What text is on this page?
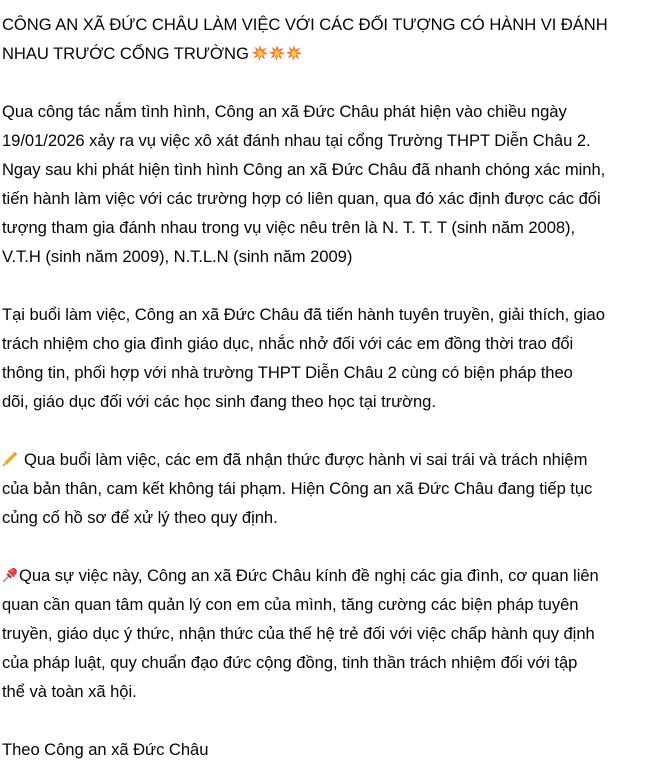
CÔNG AN XÃ ĐỨC CHÂU LÀM VIỆC VỚI CÁC ĐỐI TƯỢNG CÓ HÀNH VI ĐÁNH
NHAU TRƯỚC CỔNG TRƯỜNG
Qua công tác nắm tình hình, Công an xã Đức Châu phát hiện vào chiều ngày
19/01/2026 xảy ra vụ việc xô xát đánh nhau tại cổng Trường THPT Diễn Châu 2.
Ngay sau khi phát hiện tình hình Công an xã Đức Châu đã nhanh chóng xác minh,
tiến hành làm việc với các trường hợp có liên quan, qua đó xác định được các đối
tượng tham gia đánh nhau trong vụ việc nêu trên là N. T. T. T (sinh năm 2008),
V.T.H (sinh năm 2009), N.T.L.N (sinh năm 2009)
Tại buổi làm việc, Công an xã Đức Châu đã tiến hành tuyên truyền, giải thích, giao
trách nhiệm cho gia đình giáo dục, nhắc nhở đối với các em đồng thời trao đổi
thông tin, phối hợp với nhà trường THPT Diễn Châu 2 cùng có biện pháp theo
dõi, giáo dục đối với các học sinh đang theo học tại trường.
Qua buổi làm việc, các em đã nhận thức được hành vi sai trái và trách nhiệm
của bản thân, cam kết không tái phạm. Hiện Công an xã Đức Châu đang tiếp tục
củng cố hồ sơ để xử lý theo quy định.
Qua sự việc này, Công an xã Đức Châu kính đề nghị các gia đình, cơ quan liên
quan cần quan tâm quản lý con em của mình, tăng cường các biện pháp tuyên
truyền, giáo dục ý thức, nhận thức của thế hệ trẻ đối với việc chấp hành quy định
của pháp luật, quy chuẩn đạo đức cộng đồng, tinh thần trách nhiệm đối với tập
thể và toàn xã hội.
Theo Công an xã Đức Châu
